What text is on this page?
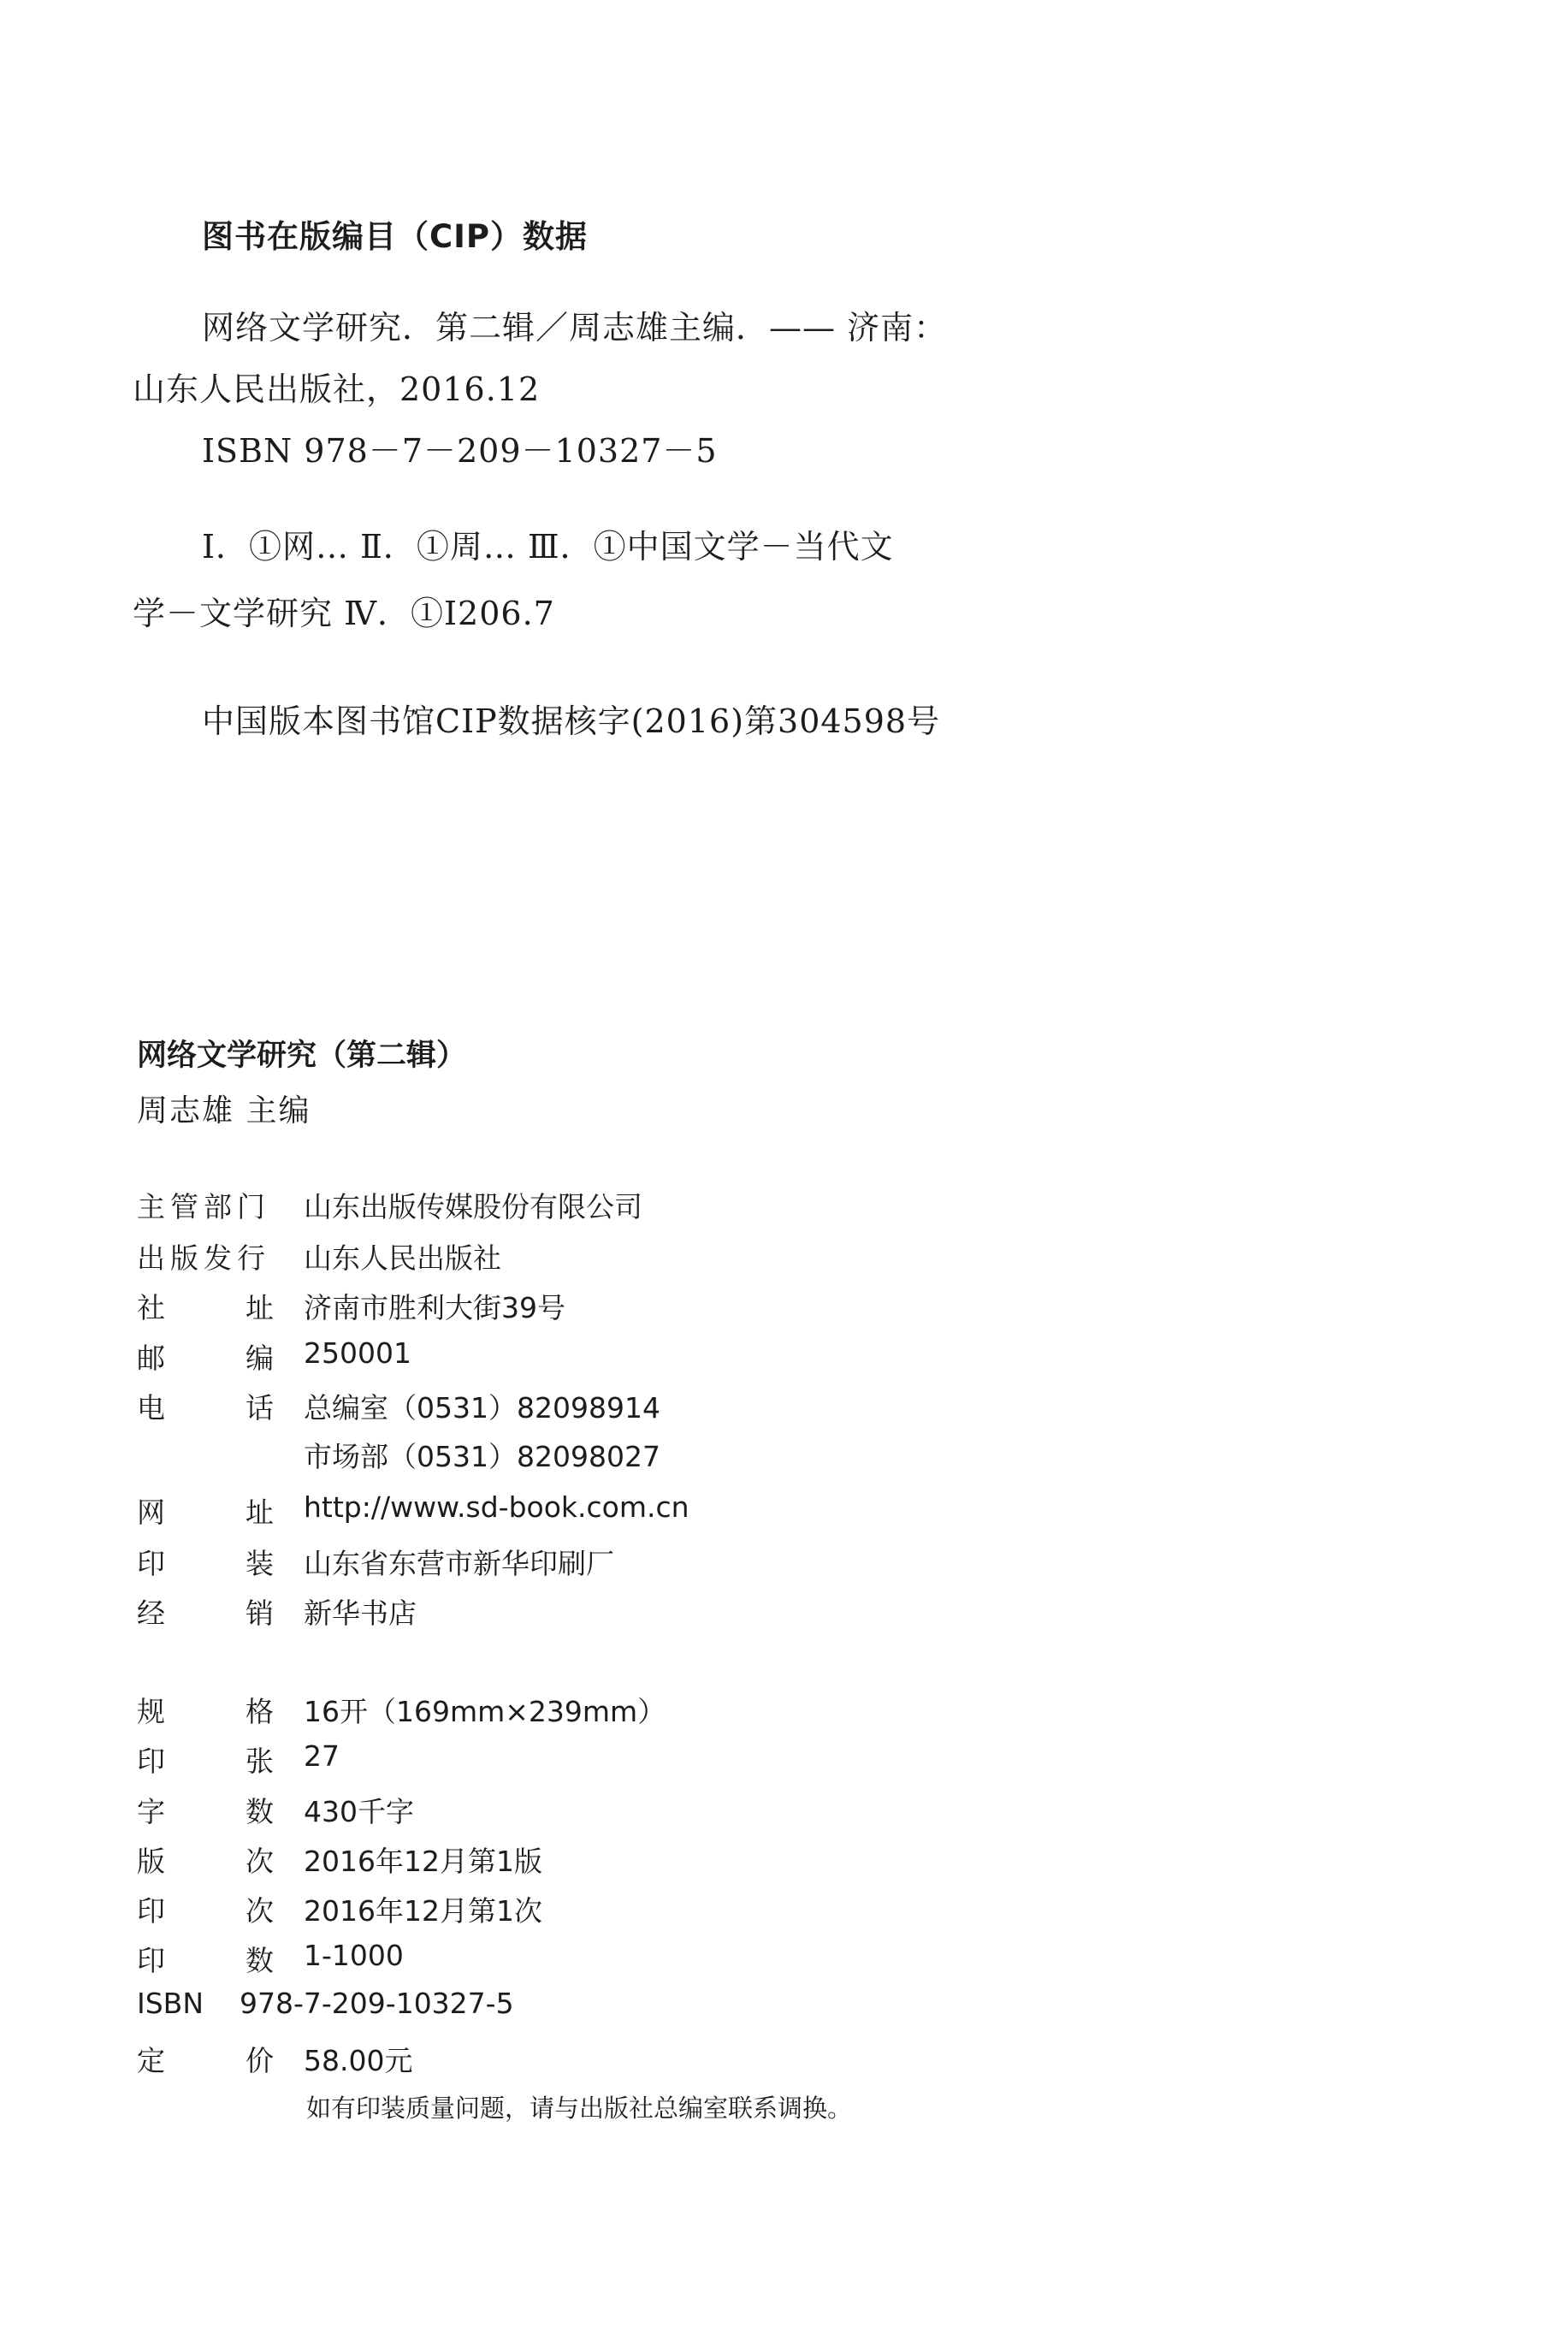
图书在版编目（CIP）数据
网络文学研究．第二辑／周志雄主编．—— 济南：
山东人民出版社，2016.12
ISBN 978－7－209－10327－5
Ⅰ．①网… Ⅱ．①周… Ⅲ．①中国文学－当代文
学－文学研究 Ⅳ．①I206.7
中国版本图书馆CIP数据核字(2016)第304598号
网络文学研究（第二辑）
周志雄 主编
主 管 部 门 山东出版传媒股份有限公司
出 版 发 行 山东人民出版社
社	址 济南市胜利大街39号
邮	编 250001
电	话 总编室（0531）82098914
市场部（0531）82098027
网	址 http://www.sd-book.com.cn
印	装 山东省东营市新华印刷厂
经	销 新华书店
规	格 16开（169mm×239mm）
印	张 27
字	数 430千字
版	次 2016年12月第1版
印	次 2016年12月第1次
印	数 1-1000
ISBN 978-7-209-10327-5
定	价 58.00元
如有印装质量问题，请与出版社总编室联系调换。
